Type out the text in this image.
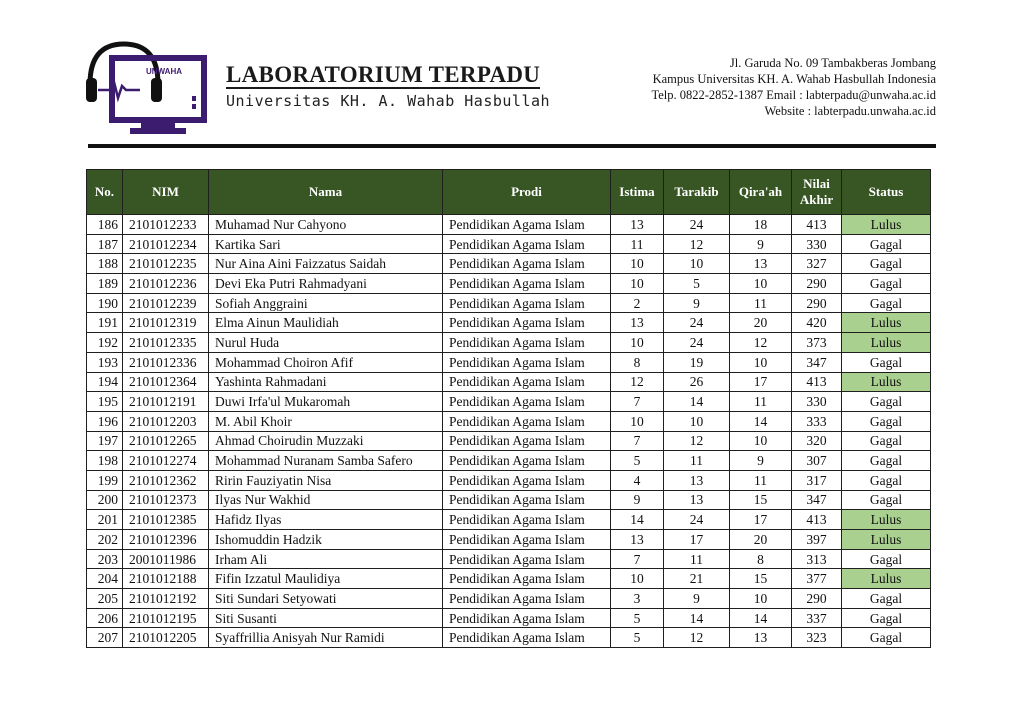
UNWAHA LABORATORIUM TERPADU
Universitas KH. A. Wahab Hasbullah
Jl. Garuda No. 09 Tambakberas Jombang
Kampus Universitas KH. A. Wahab Hasbullah Indonesia
Telp. 0822-2852-1387 Email : labterpadu@unwaha.ac.id
Website : labterpadu.unwaha.ac.id
No.	NIM	Nama	Prodi	Istima	Tarakib	Qira'ah	Nilai Akhir	Status
186	2101012233	Muhamad Nur Cahyono	Pendidikan Agama Islam	13	24	18	413	Lulus
187	2101012234	Kartika Sari	Pendidikan Agama Islam	11	12	9	330	Gagal
188	2101012235	Nur Aina Aini Faizzatus Saidah	Pendidikan Agama Islam	10	10	13	327	Gagal
189	2101012236	Devi Eka Putri Rahmadyani	Pendidikan Agama Islam	10	5	10	290	Gagal
190	2101012239	Sofiah Anggraini	Pendidikan Agama Islam	2	9	11	290	Gagal
191	2101012319	Elma Ainun Maulidiah	Pendidikan Agama Islam	13	24	20	420	Lulus
192	2101012335	Nurul Huda	Pendidikan Agama Islam	10	24	12	373	Lulus
193	2101012336	Mohammad Choiron Afif	Pendidikan Agama Islam	8	19	10	347	Gagal
194	2101012364	Yashinta Rahmadani	Pendidikan Agama Islam	12	26	17	413	Lulus
195	2101012191	Duwi Irfa'ul Mukaromah	Pendidikan Agama Islam	7	14	11	330	Gagal
196	2101012203	M. Abil Khoir	Pendidikan Agama Islam	10	10	14	333	Gagal
197	2101012265	Ahmad Choirudin Muzzaki	Pendidikan Agama Islam	7	12	10	320	Gagal
198	2101012274	Mohammad Nuranam Samba Safero	Pendidikan Agama Islam	5	11	9	307	Gagal
199	2101012362	Ririn Fauziyatin Nisa	Pendidikan Agama Islam	4	13	11	317	Gagal
200	2101012373	Ilyas Nur Wakhid	Pendidikan Agama Islam	9	13	15	347	Gagal
201	2101012385	Hafidz Ilyas	Pendidikan Agama Islam	14	24	17	413	Lulus
202	2101012396	Ishomuddin Hadzik	Pendidikan Agama Islam	13	17	20	397	Lulus
203	2001011986	Irham Ali	Pendidikan Agama Islam	7	11	8	313	Gagal
204	2101012188	Fifin Izzatul Maulidiya	Pendidikan Agama Islam	10	21	15	377	Lulus
205	2101012192	Siti Sundari Setyowati	Pendidikan Agama Islam	3	9	10	290	Gagal
206	2101012195	Siti Susanti	Pendidikan Agama Islam	5	14	14	337	Gagal
207	2101012205	Syaffrillia Anisyah Nur Ramidi	Pendidikan Agama Islam	5	12	13	323	Gagal
